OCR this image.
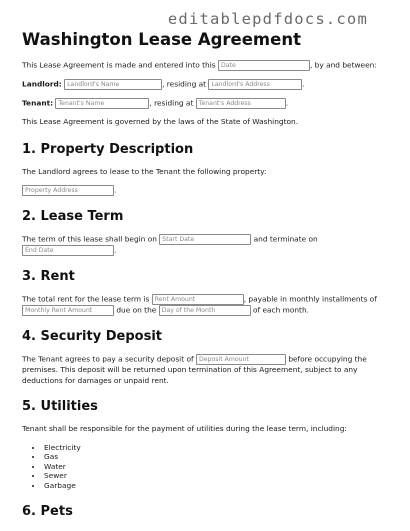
editablepdfdocs.com
Washington Lease Agreement

This Lease Agreement is made and entered into this Date	, by and between:

Landlord: Landlord's Name	, residing at Landlord's Address	.

Tenant: Tenant's Name	, residing at Tenant's Address	.

This Lease Agreement is governed by the laws of the State of Washington.

1. Property Description

The Landlord agrees to lease to the Tenant the following property:

Property Address	.

2. Lease Term

The term of this lease shall begin on Start Date	and terminate on
End Date	.

3. Rent

The total rent for the lease term is Rent Amount	, payable in monthly installments of Monthly Rent Amount	due on the Day of the Month	of each month.

4. Security Deposit

The Tenant agrees to pay a security deposit of Deposit Amount	before occupying the premises. This deposit will be returned upon termination of this Agreement, subject to any deductions for damages or unpaid rent.

5. Utilities

Tenant shall be responsible for the payment of utilities during the lease term, including:

• Electricity
• Gas
• Water
• Sewer
• Garbage
6. Pets
